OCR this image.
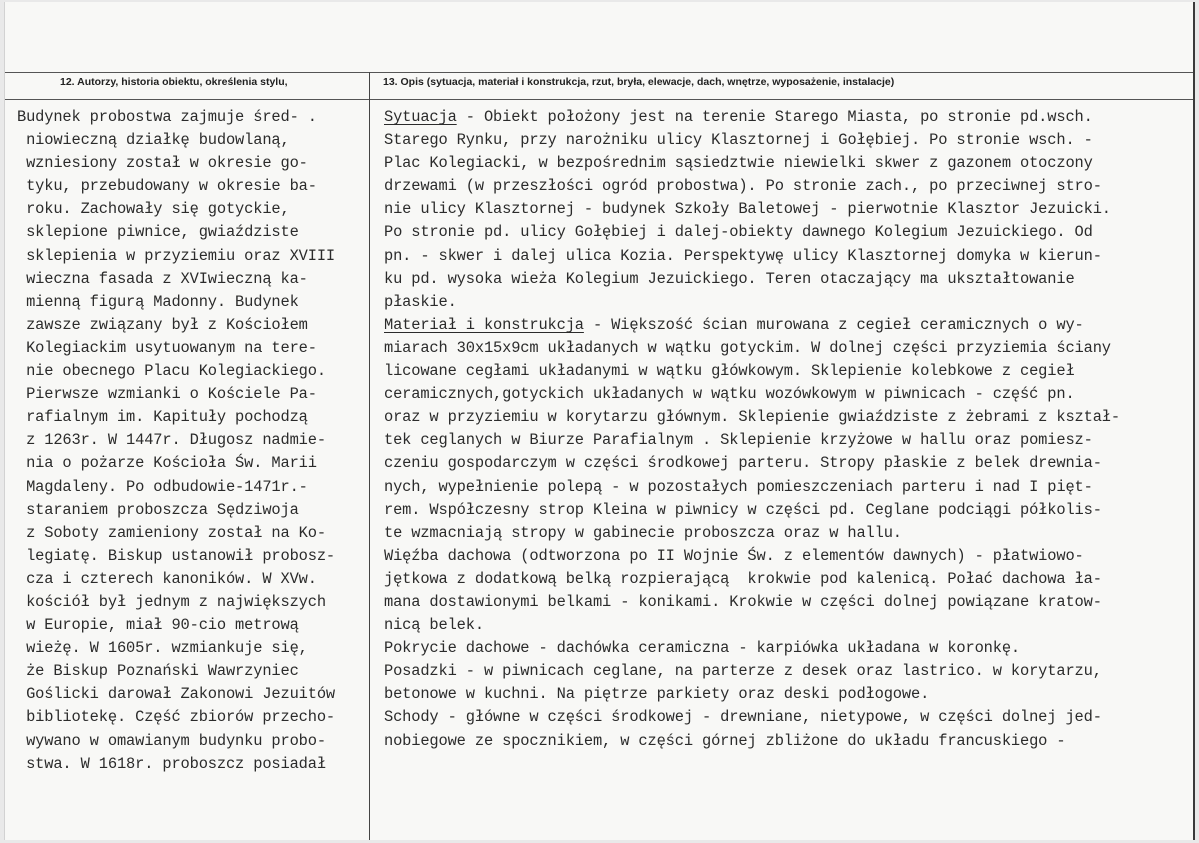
12. Autorzy, historia obiektu, określenia stylu,	13. Opis (sytuacja, materiał i konstrukcja, rzut, bryła, elewacje, dach, wnętrze, wyposażenie, instalacje)
Budynek probostwa zajmuje śred- .
niowieczną działkę budowlaną,
wzniesiony został w okresie go-
tyku, przebudowany w okresie ba-
roku. Zachowały się gotyckie,
sklepione piwnice, gwiaździste
sklepienia w przyziemiu oraz XVIII
wieczna fasada z XVIwieczną ka-
mienną figurą Madonny. Budynek
zawsze związany był z Kościołem
Kolegiackim usytuowanym na tere-
nie obecnego Placu Kolegiackiego.
Pierwsze wzmianki o Kościele Pa-
rafialnym im. Kapituły pochodzą
z 1263r. W 1447r. Długosz nadmie-
nia o pożarze Kościoła Św. Marii
Magdaleny. Po odbudowie-1471r.-
staraniem proboszcza Sędziwoja
z Soboty zamieniony został na Ko-
legiatę. Biskup ustanowił probosz-
cza i czterech kanoników. W XVw.
kościół był jednym z największych
w Europie, miał 90-cio metrową
wieżę. W 1605r. wzmiankuje się,
że Biskup Poznański Wawrzyniec
Goślicki darował Zakonowi Jezuitów
bibliotekę. Część zbiorów przecho-
wywano w omawianym budynku probo-
stwa. W 1618r. proboszcz posiadał
Sytuacja - Obiekt położony jest na terenie Starego Miasta, po stronie pd.wsch.
Starego Rynku, przy narożniku ulicy Klasztornej i Gołębiej. Po stronie wsch. -
Plac Kolegiacki, w bezpośrednim sąsiedztwie niewielki skwer z gazonem otoczony
drzewami (w przeszłości ogród probostwa). Po stronie zach., po przeciwnej stro-
nie ulicy Klasztornej - budynek Szkoły Baletowej - pierwotnie Klasztor Jezuicki.
Po stronie pd. ulicy Gołębiej i dalej-obiekty dawnego Kolegium Jezuickiego. Od
pn. - skwer i dalej ulica Kozia. Perspektywę ulicy Klasztornej domyka w kierun-
ku pd. wysoka wieża Kolegium Jezuickiego. Teren otaczający ma ukształtowanie
płaskie.
Materiał i konstrukcja - Większość ścian murowana z cegieł ceramicznych o wy-
miarach 30x15x9cm układanych w wątku gotyckim. W dolnej części przyziemia ściany
licowane cegłami układanymi w wątku główkowym. Sklepienie kolebkowe z cegieł
ceramicznych,gotyckich układanych w wątku wozówkowym w piwnicach - część pn.
oraz w przyziemiu w korytarzu głównym. Sklepienie gwiaździste z żebrami z kształ-
tek ceglanych w Biurze Parafialnym . Sklepienie krzyżowe w hallu oraz pomiesz-
czeniu gospodarczym w części środkowej parteru. Stropy płaskie z belek drewnia-
nych, wypełnienie polepą - w pozostałych pomieszczeniach parteru i nad I pięt-
rem. Współczesny strop Kleina w piwnicy w części pd. Ceglane podciągi półkolis-
te wzmacniają stropy w gabinecie proboszcza oraz w hallu.
Więźba dachowa (odtworzona po II Wojnie Św. z elementów dawnych) - płatwiowo-
jętkowa z dodatkową belką rozpierającą  krokwie pod kalenicą. Połać dachowa ła-
mana dostawionymi belkami - konikami. Krokwie w części dolnej powiązane kratow-
nicą belek.
Pokrycie dachowe - dachówka ceramiczna - karpiówka układana w koronkę.
Posadzki - w piwnicach ceglane, na parterze z desek oraz lastrico. w korytarzu,
betonowe w kuchni. Na piętrze parkiety oraz deski podłogowe.
Schody - główne w części środkowej - drewniane, nietypowe, w części dolnej jed-
nobiegowe ze spocznikiem, w części górnej zbliżone do układu francuskiego -
